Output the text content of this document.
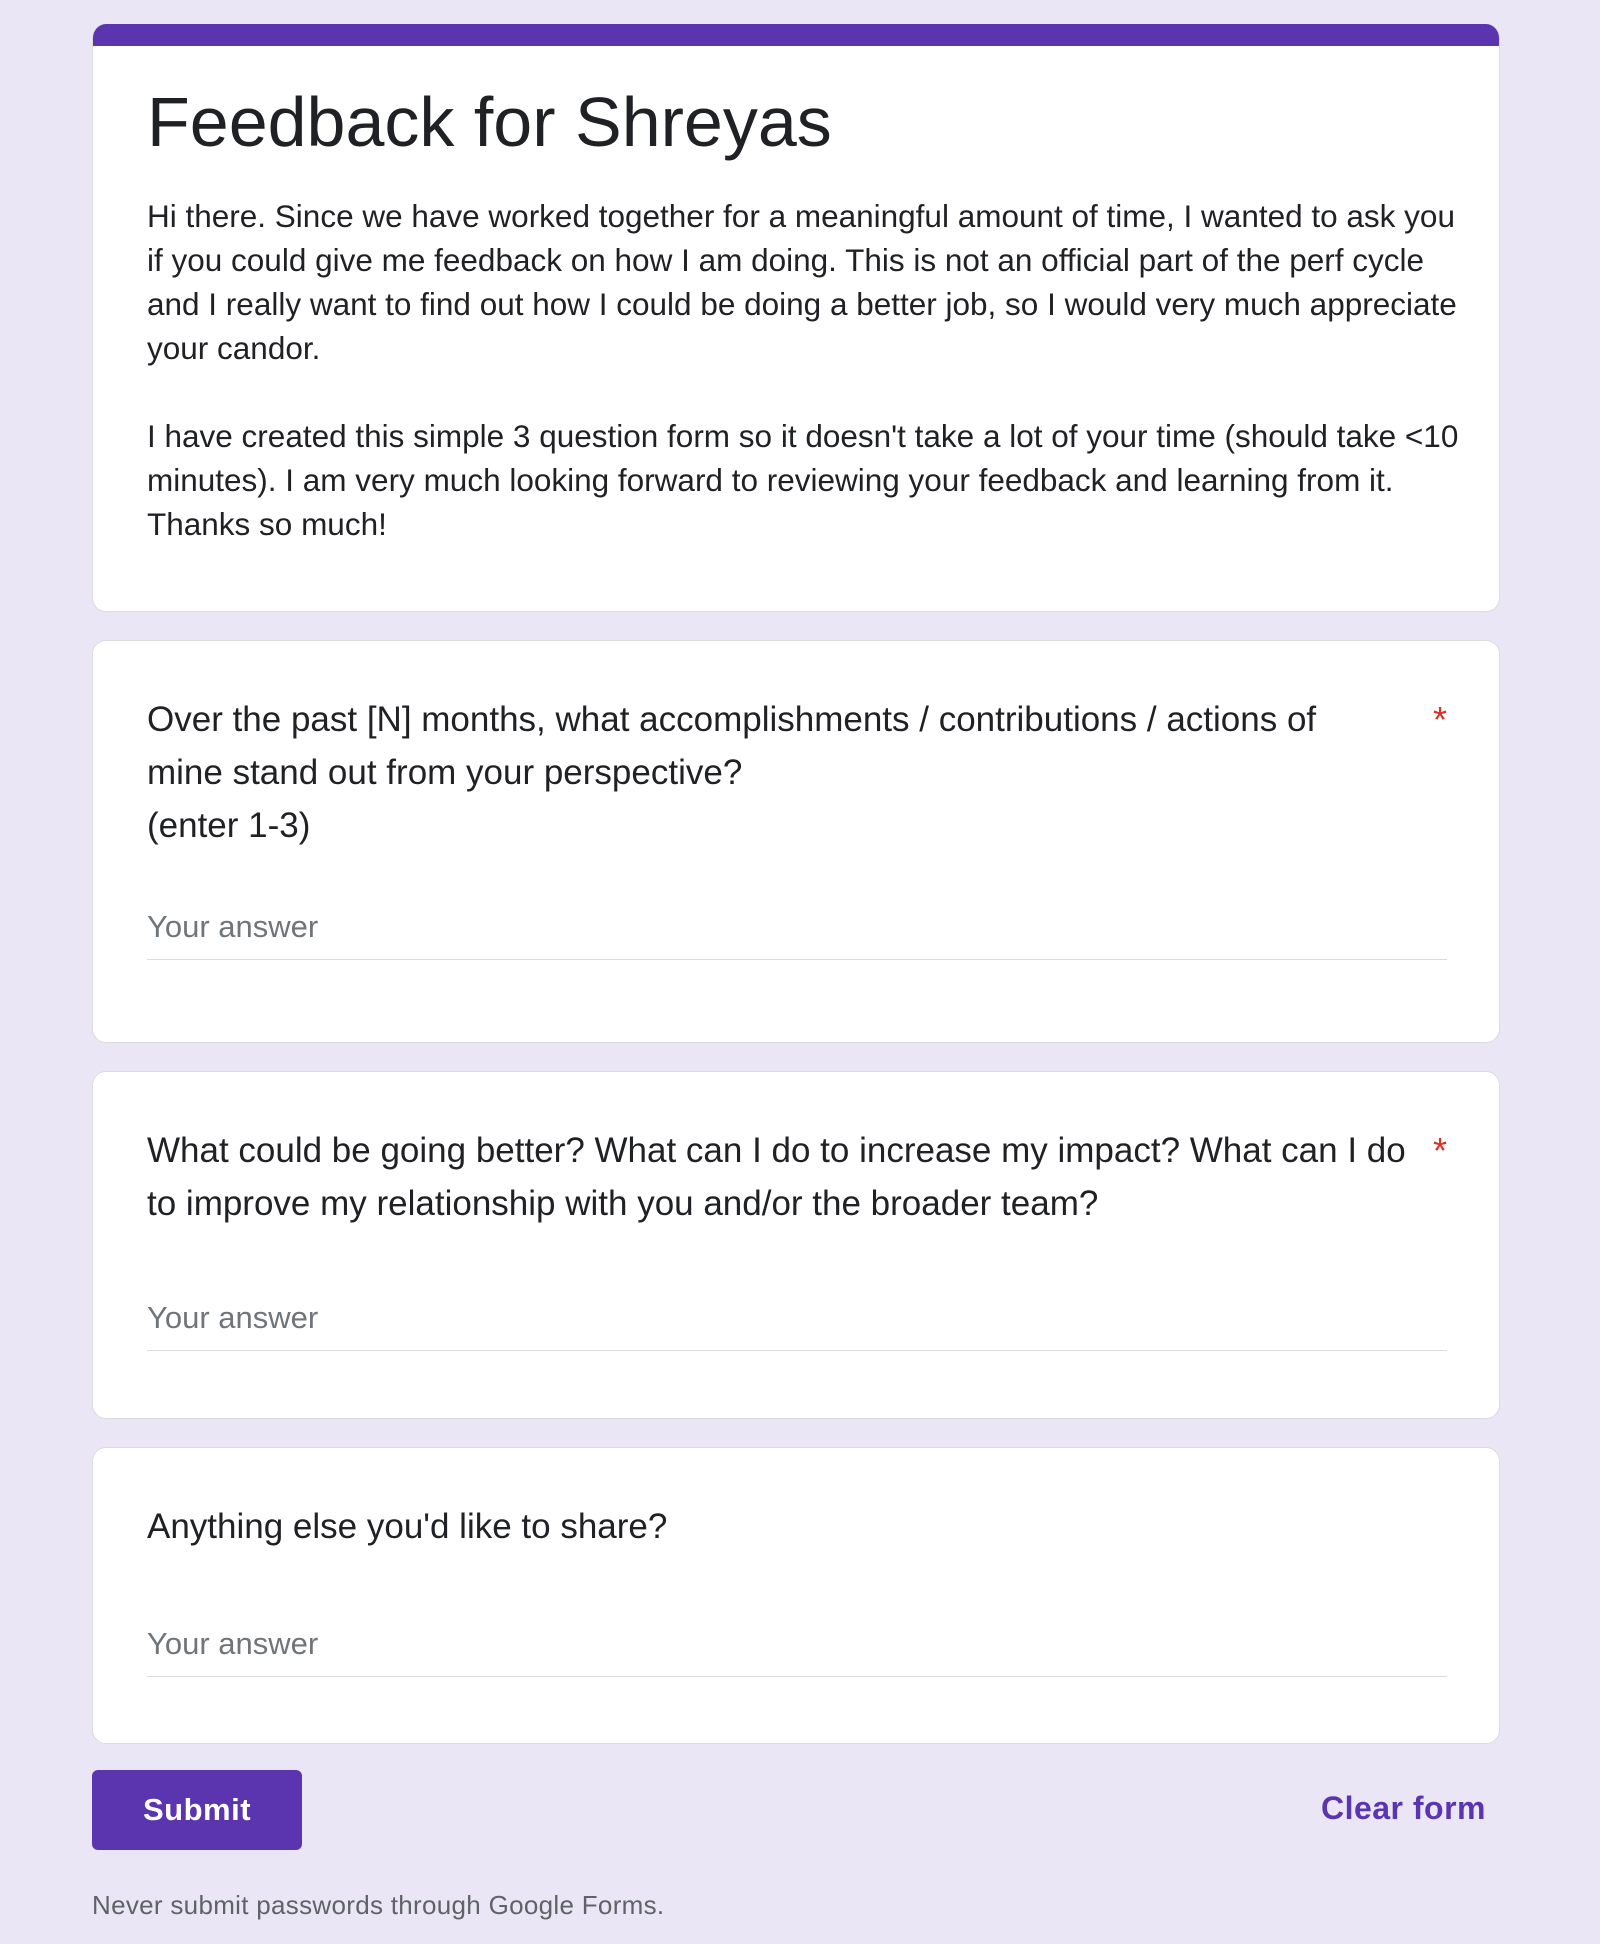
Feedback for Shreyas

Hi there. Since we have worked together for a meaningful amount of time, I wanted to ask you if you could give me feedback on how I am doing. This is not an official part of the perf cycle and I really want to find out how I could be doing a better job, so I would very much appreciate your candor.

I have created this simple 3 question form so it doesn't take a lot of your time (should take <10 minutes). I am very much looking forward to reviewing your feedback and learning from it. Thanks so much!

Over the past [N] months, what accomplishments / contributions / actions of
mine stand out from your perspective?
(enter 1-3)
*
Your answer
What could be going better? What can I do to increase my impact? What can I do
to improve my relationship with you and/or the broader team?
*
Your answer
Anything else you'd like to share?
Your answer
Submit	Clear form
Never submit passwords through Google Forms.
